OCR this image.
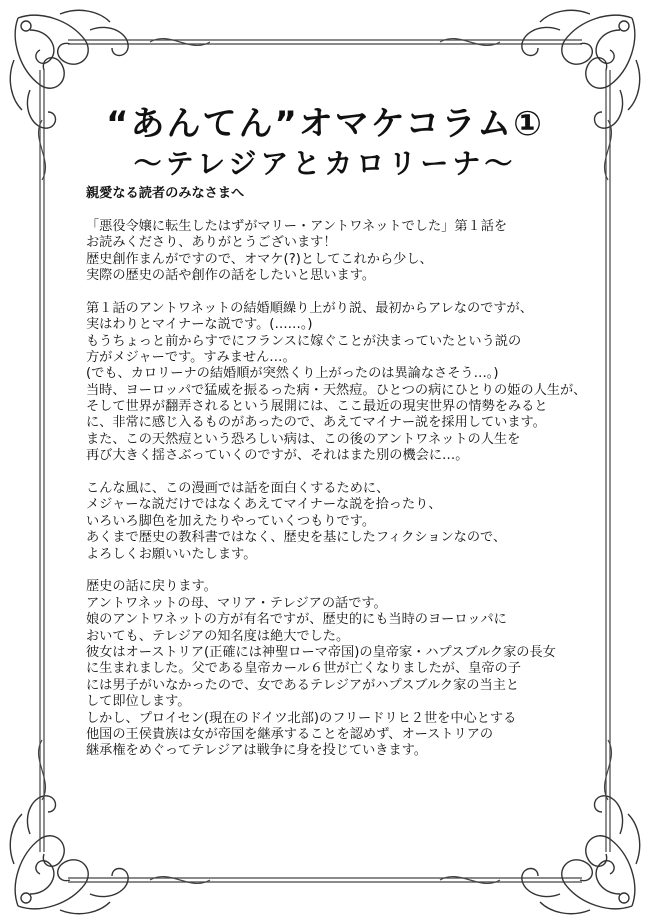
“あんてん”オマケコラム①
〜テレジアとカロリーナ〜
親愛なる読者のみなさまへ
「悪役令嬢に転生したはずがマリー・アントワネットでした」第１話を
お読みくださり、ありがとうございます！
歴史創作まんがですので、オマケ(?)としてこれから少し、
実際の歴史の話や創作の話をしたいと思います。
第１話のアントワネットの結婚順繰り上がり説、最初からアレなのですが、
実はわりとマイナーな説です。(……。)
もうちょっと前からすでにフランスに嫁ぐことが決まっていたという説の
方がメジャーです。すみません…。
(でも、カロリーナの結婚順が突然くり上がったのは異論なさそう…。)
当時、ヨーロッパで猛威を振るった病・天然痘。ひとつの病にひとりの姫の人生が、
そして世界が翻弄されるという展開には、ここ最近の現実世界の情勢をみると
に、非常に感じ入るものがあったので、あえてマイナー説を採用しています。
また、この天然痘という恐ろしい病は、この後のアントワネットの人生を
再び大きく揺さぶっていくのですが、それはまた別の機会に…。
こんな風に、この漫画では話を面白くするために、
メジャーな説だけではなくあえてマイナーな説を拾ったり、
いろいろ脚色を加えたりやっていくつもりです。
あくまで歴史の教科書ではなく、歴史を基にしたフィクションなので、
よろしくお願いいたします。
歴史の話に戻ります。
アントワネットの母、マリア・テレジアの話です。
娘のアントワネットの方が有名ですが、歴史的にも当時のヨーロッパに
おいても、テレジアの知名度は絶大でした。
彼女はオーストリア(正確には神聖ローマ帝国)の皇帝家・ハプスブルク家の長女
に生まれました。父である皇帝カール６世が亡くなりましたが、皇帝の子
には男子がいなかったので、女であるテレジアがハプスブルク家の当主と
して即位します。
しかし、プロイセン(現在のドイツ北部)のフリードリヒ２世を中心とする
他国の王侯貴族は女が帝国を継承することを認めず、オーストリアの
継承権をめぐってテレジアは戦争に身を投じていきます。
